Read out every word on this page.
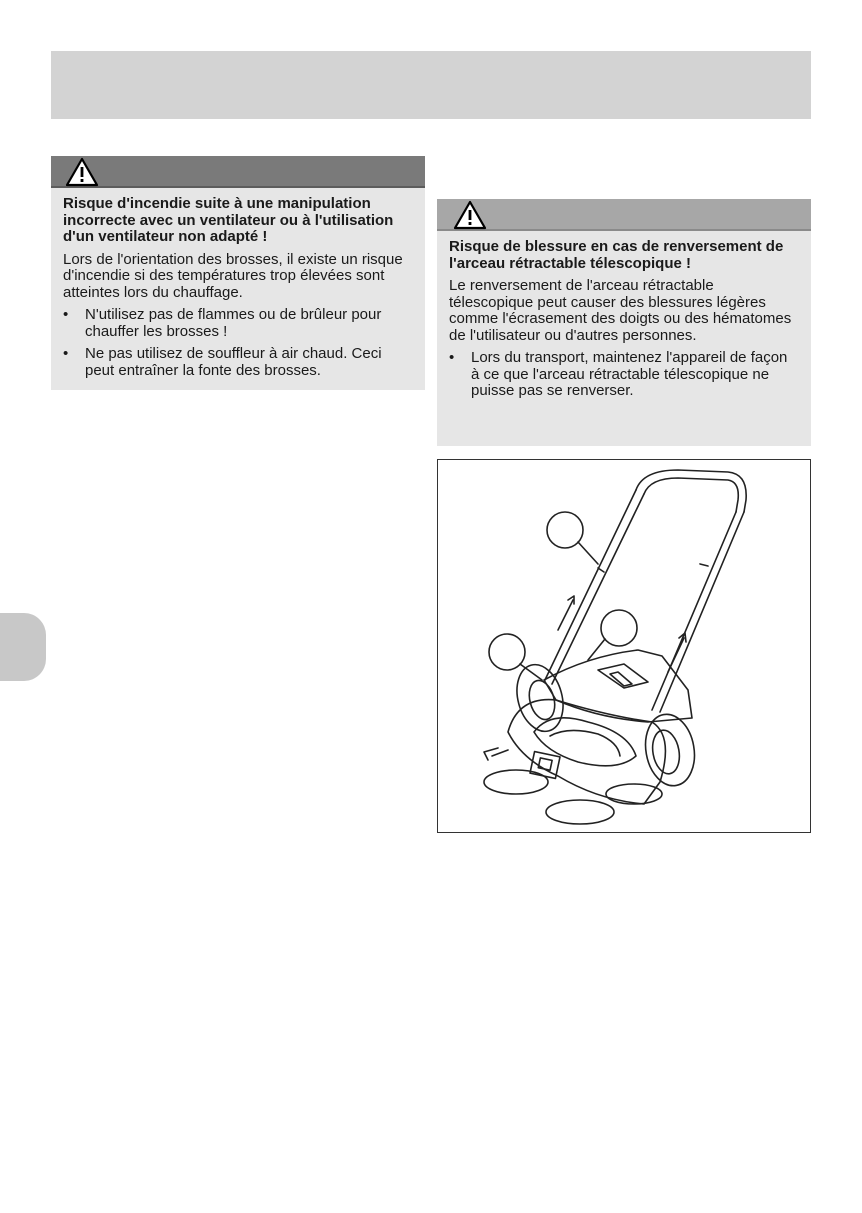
Risque d'incendie suite à une manipulation incorrecte avec un ventilateur ou à l'utilisation d'un ventilateur non adapté !

Lors de l'orientation des brosses, il existe un risque d'incendie si des températures trop élevées sont atteintes lors du chauffage.

• N'utilisez pas de flammes ou de brûleur pour chauffer les brosses !
• Ne pas utilisez de souffleur à air chaud. Ceci peut entraîner la fonte des brosses.

Risque de blessure en cas de renversement de l'arceau rétractable télescopique !

Le renversement de l'arceau rétractable télescopique peut causer des blessures légères comme l'écrasement des doigts ou des hématomes de l'utilisateur ou d'autres personnes.

• Lors du transport, maintenez l'appareil de façon à ce que l'arceau rétractable télescopique ne puisse pas se renverser.
